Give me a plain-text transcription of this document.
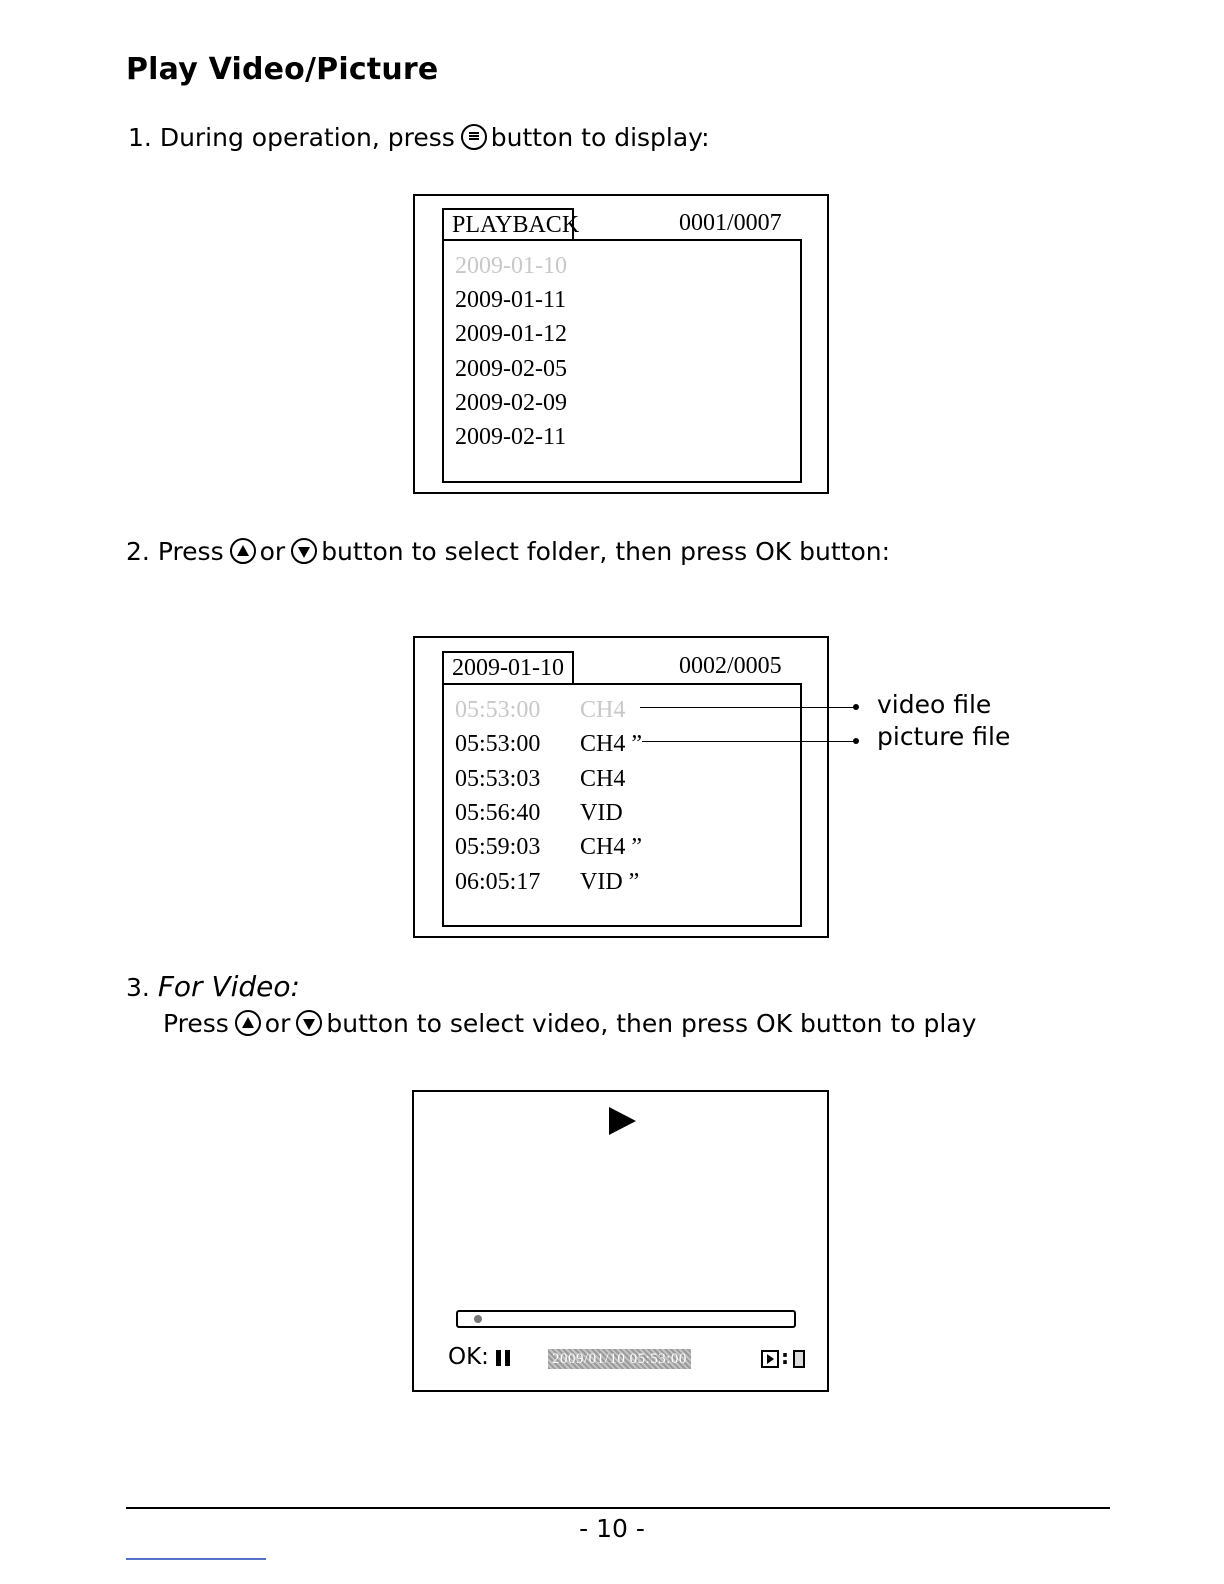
Play Video/Picture
1. During operation, press button to display:
PLAYBACK	0001/0007
2009-01-10
2009-01-11
2009-01-12
2009-02-05
2009-02-09
2009-02-11
2. Press or button to select folder, then press OK button:
2009-01-10	0002/0005
05:53:00 CH4
05:53:00 CH4 ”
05:53:03 CH4
05:56:40 VID
05:59:03 CH4 ”
06:05:17 VID ”
video file
picture file
3. For Video:
Press or button to select video, then press OK button to play
OK:	2009/01/10 05:53:00	:
- 10 -
